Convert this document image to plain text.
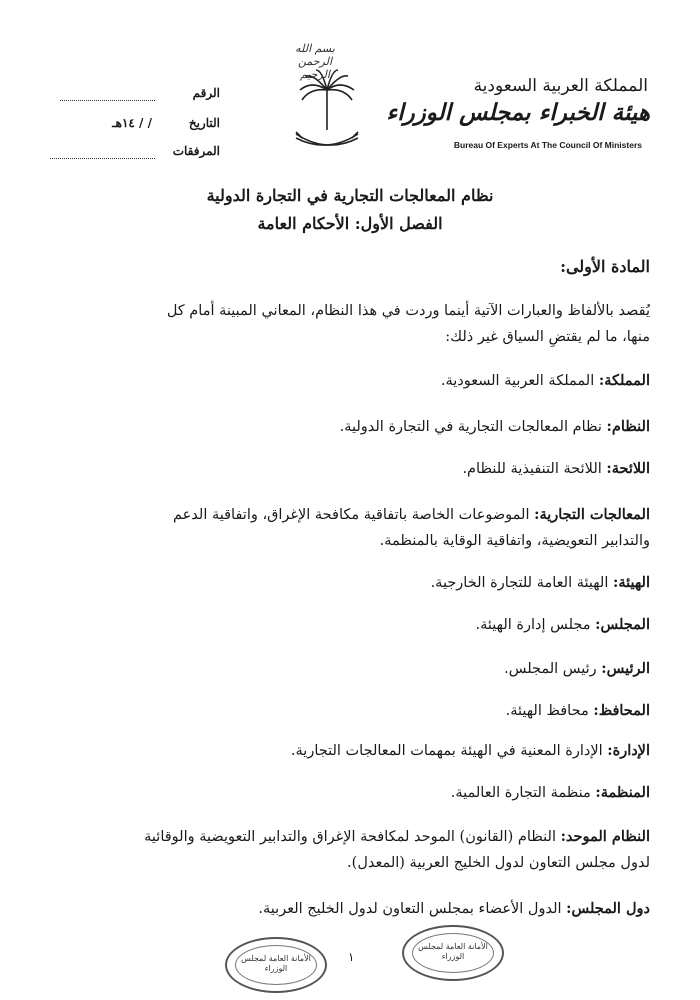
الرقم
التاريخ
/ / ١٤هـ
المرفقات
بسم الله الرحمن الرحيم
المملكة العربية السعودية
هيئة الخبراء بمجلس الوزراء
Bureau Of Experts At The Council Of Ministers
نظام المعالجات التجارية في التجارة الدولية
الفصل الأول: الأحكام العامة
المادة الأولى:
يُقصد بالألفاظ والعبارات الآتية أينما وردت في هذا النظام، المعاني المبينة أمام كل
منها، ما لم يقتضِ السياق غير ذلك:
المملكة: المملكة العربية السعودية.
النظام: نظام المعالجات التجارية في التجارة الدولية.
اللائحة: اللائحة التنفيذية للنظام.
المعالجات التجارية: الموضوعات الخاصة باتفاقية مكافحة الإغراق، واتفاقية الدعم
والتدابير التعويضية، واتفاقية الوقاية بالمنظمة.
الهيئة: الهيئة العامة للتجارة الخارجية.
المجلس: مجلس إدارة الهيئة.
الرئيس: رئيس المجلس.
المحافظ: محافظ الهيئة.
الإدارة: الإدارة المعنية في الهيئة بمهمات المعالجات التجارية.
المنظمة: منظمة التجارة العالمية.
النظام الموحد: النظام (القانون) الموحد لمكافحة الإغراق والتدابير التعويضية والوقائية
لدول مجلس التعاون لدول الخليج العربية (المعدل).
دول المجلس: الدول الأعضاء بمجلس التعاون لدول الخليج العربية.
١
الأمانة العامة لمجلس الوزراء
الأمانة العامة لمجلس الوزراء
